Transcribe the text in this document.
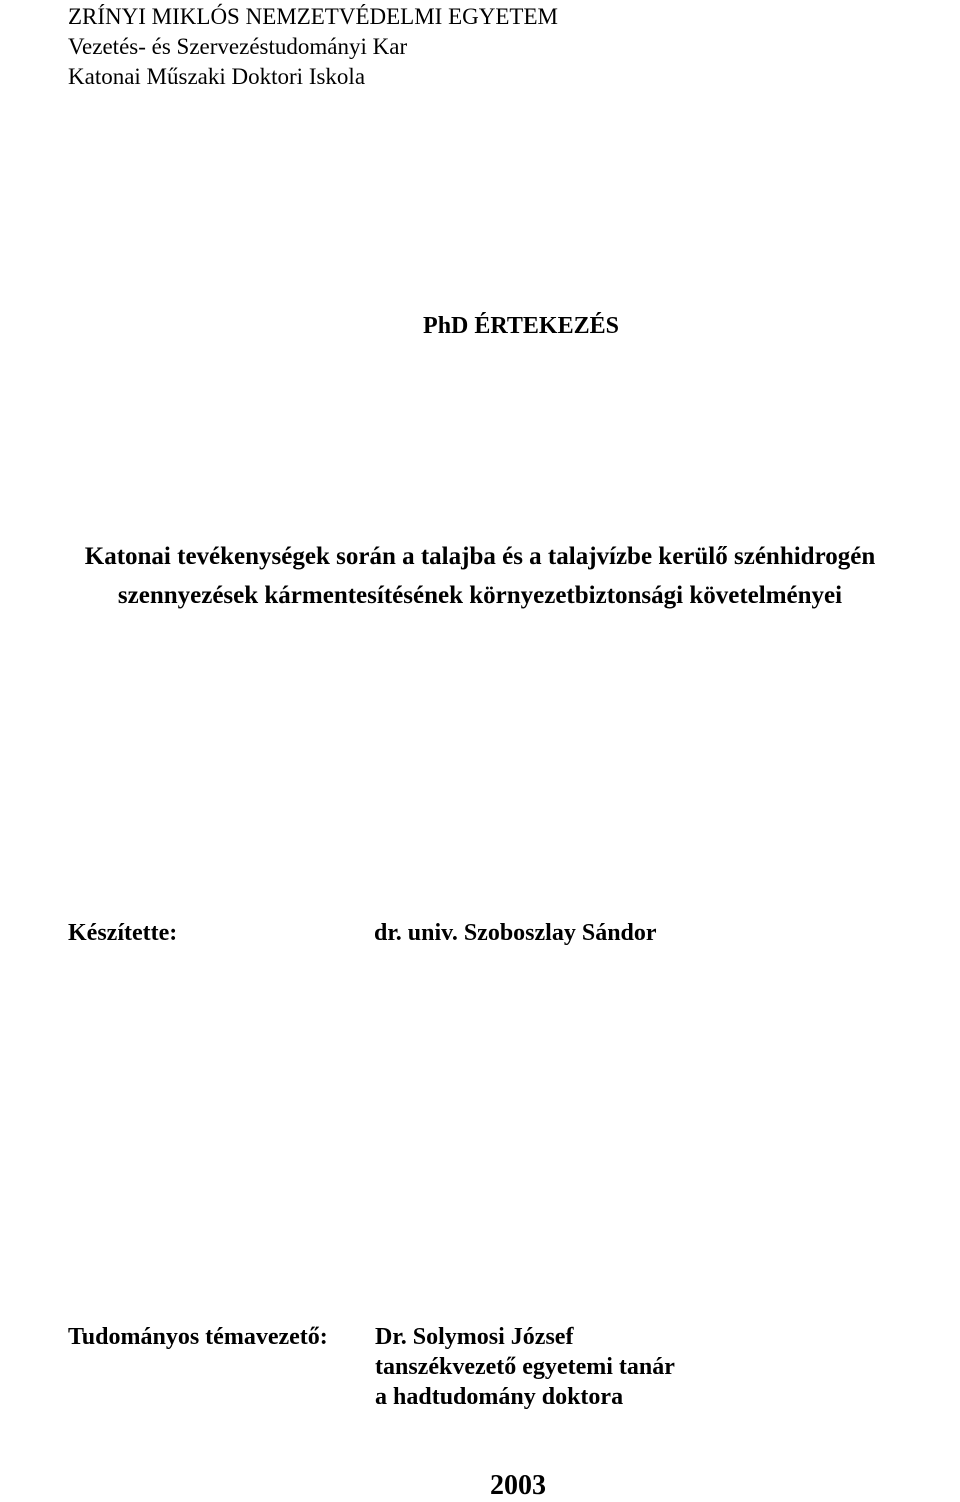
ZRÍNYI MIKLÓS NEMZETVÉDELMI EGYETEM
Vezetés- és Szervezéstudományi Kar
Katonai Műszaki Doktori Iskola
PhD ÉRTEKEZÉS
Katonai tevékenységek során a talajba és a talajvízbe kerülő szénhidrogén
szennyezések kármentesítésének környezetbiztonsági követelményei
Készítette:	dr. univ. Szoboszlay Sándor
Tudományos témavezető: Dr. Solymosi József
tanszékvezető egyetemi tanár
a hadtudomány doktora
2003
